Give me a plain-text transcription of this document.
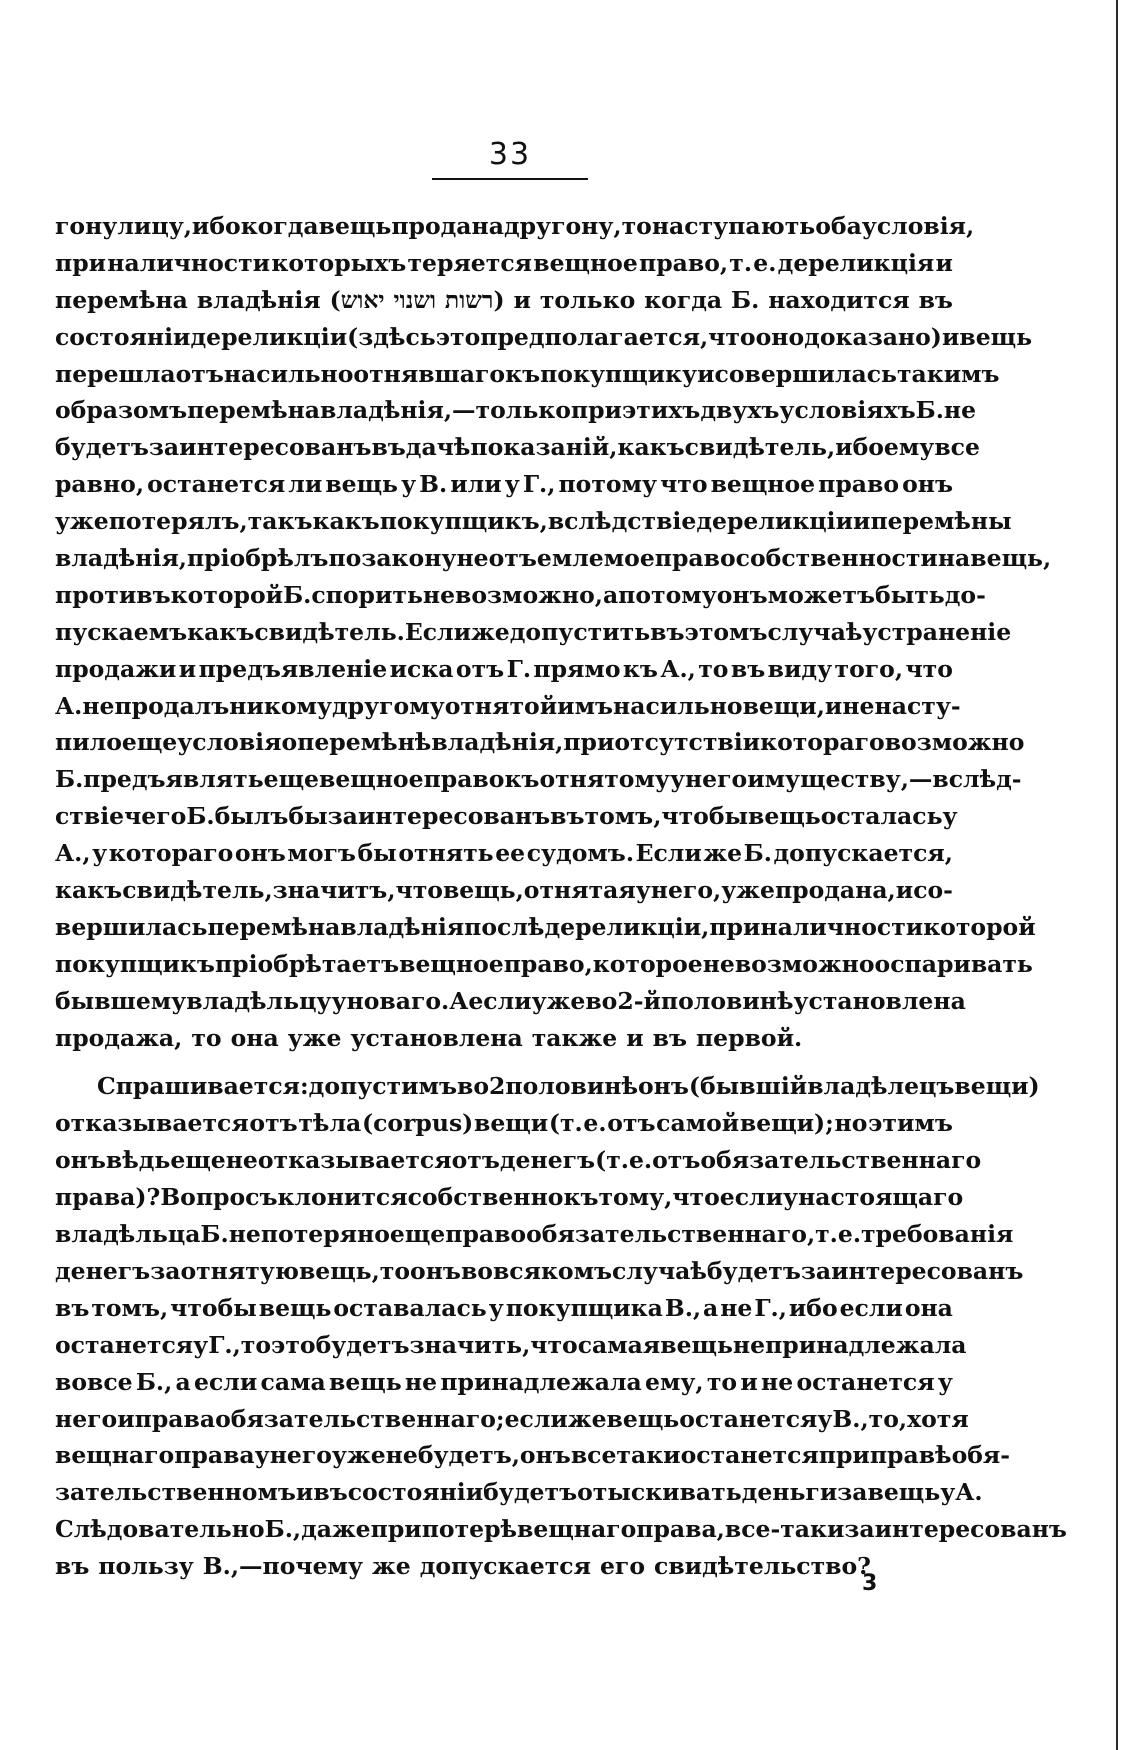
33
гону лицу, ибо когда вещь продана другону, то наступають оба условія,
при наличности которыхъ теряется вещное право, т. е. дереликція и
перемѣна владѣнія (יאוש ושנוי רשות) и только когда Б. находится въ
состояніи дереликціи (здѣсь это предполагается, что оно доказано) и вещь
перешла отъ насильно отнявшаго къ покупщику и совершилась такимъ
образомъ перемѣна владѣнія,—только при этихъ двухъ условіяхъ Б. не
будетъ заинтересованъ въ дачѣ показаній, какъ свидѣтель, ибо ему все
равно, останется ли вещь у В. или у Г., потому что вещное право онъ
уже потерялъ, такъ какъ покупщикъ, вслѣдствіе дереликціи и перемѣны
владѣнія, пріобрѣлъ по закону неотъемлемое право собственности на вещь,
противъ которой Б. спорить невозможно, а потому онъ можетъ быть до-
пускаемъ какъ свидѣтель. Если же допустить въ этомъ случаѣ устраненіе
продажи и предъявленіе иска отъ Г. прямо къ А., то въ виду того, что
А. не продалъ никому другому отнятой имъ насильно вещи, и не насту-
пило еще условія о перемѣнѣ владѣнія, при отсутствіи котораго возможно
Б. предъявлять еще вещное право къ отнятому у него имуществу,—вслѣд-
ствіе чего Б. былъ бы заинтересованъ въ томъ, что бы вещь осталась у
А., у котораго онъ могъ бы отнять ее судомъ. Если же Б. допускается,
какъ свидѣтель, значитъ, что вещь, отнятая у него, уже продана, и со-
вершилась перемѣна владѣнія послѣ дереликціи, при наличности которой
покупщикъ пріобрѣтаетъ вещное право, которое невозможно оспаривать
бывшему владѣльцу у новаго. А если уже во 2-й половинѣ установлена
продажа, то она уже установлена также и въ первой.
Спрашивается: допустимъ во 2 половинѣ онъ (бывшій владѣлецъ вещи)
отказывается отъ тѣла (corpus) вещи (т. е. отъ самой вещи); но этимъ
онъ вѣдь еще не отказывается отъ денегъ (т. е. отъ обязательственнаго
права)? Вопросъ клонится собственно къ тому, что если у настоящаго
владѣльца Б. не потеряно еще право обязательственнаго, т. е. требованія
денегъ за отнятую вещь, то онъ во всякомъ случаѣ будетъ заинтересованъ
въ томъ, чтобы вещь оставалась у покупщика В., а не Г., ибо если она
останется у Г., то это будетъ значить, что самая вещь не принадлежала
вовсе Б., а если сама вещь не принадлежала ему, то и не останется у
него и права обязательственнаго; если же вещь останется у В., то, хотя
вещнаго права у него уже не будетъ, онъ все таки останется при правѣ обя-
зательственномъ и въ состояніи будетъ отыскивать деньги за вещь у А.
Слѣдовательно Б., даже при потерѣ вещнаго права, все-таки заинтересованъ
въ пользу В.,—почему же допускается его свидѣтельство?
3
